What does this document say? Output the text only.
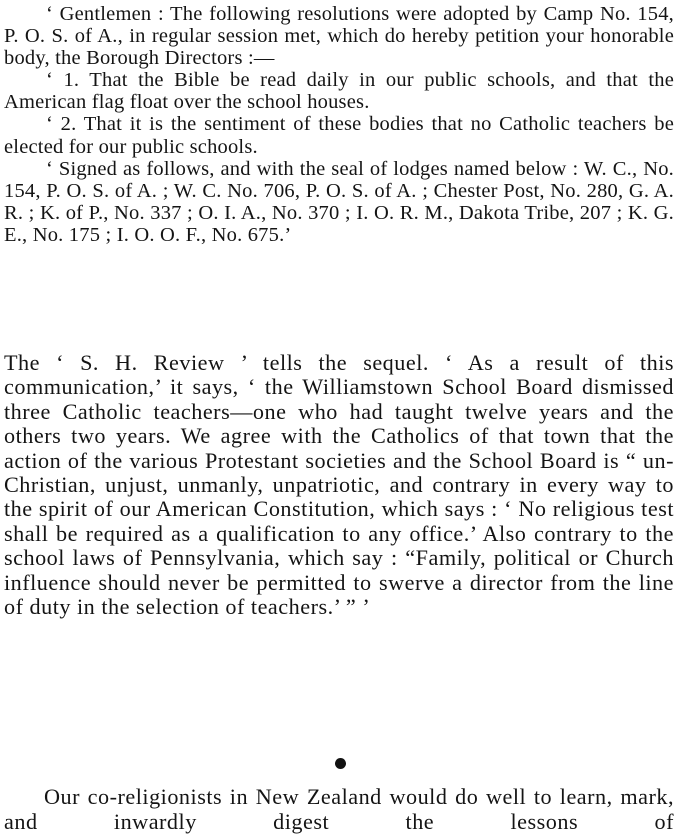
‘ Gentlemen : The following resolutions were adopted by Camp No. 154, P. O. S. of A., in regular session met, which do hereby petition your honorable body, the Borough Directors :—

‘ 1. That the Bible be read daily in our public schools, and that the American flag float over the school houses.

‘ 2. That it is the sentiment of these bodies that no Catholic teachers be elected for our public schools.

‘ Signed as follows, and with the seal of lodges named below : W. C., No. 154, P. O. S. of A. ; W. C. No. 706, P. O. S. of A. ; Chester Post, No. 280, G. A. R. ; K. of P., No. 337 ; O. I. A., No. 370 ; I. O. R. M., Dakota Tribe, 207 ; K. G. E., No. 175 ; I. O. O. F., No. 675.’

The ‘ S. H. Review ’ tells the sequel. ‘ As a result of this communication,’ it says, ‘ the Williamstown School Board dismissed three Catholic teachers—one who had taught twelve years and the others two years. We agree with the Catholics of that town that the action of the various Protestant societies and the School Board is “ un-Christian, unjust, unmanly, unpatriotic, and contrary in every way to the spirit of our American Constitution, which says : ‘ No religious test shall be required as a qualification to any office.’ Also contrary to the school laws of Pennsylvania, which say : “Family, political or Church influence should never be permitted to swerve a director from the line of duty in the selection of teachers.’ ” ’

Our co-religionists in New Zealand would do well to learn, mark, and inwardly digest the lessons of
